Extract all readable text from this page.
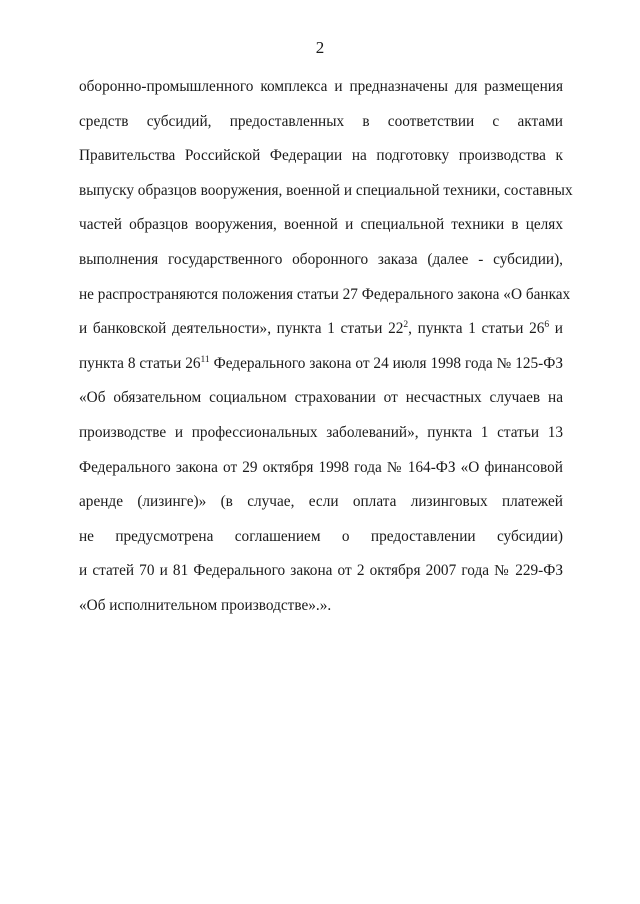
2
оборонно-промышленного комплекса и предназначены для размещения
средств субсидий, предоставленных в соответствии с актами
Правительства Российской Федерации на подготовку производства к
выпуску образцов вооружения, военной и специальной техники, составных
частей образцов вооружения, военной и специальной техники в целях
выполнения государственного оборонного заказа (далее - субсидии),
не распространяются положения статьи 27 Федерального закона «О банках
и банковской деятельности», пункта 1 статьи $22^2$, пункта 1 статьи $26^6$ и
пункта 8 статьи $26^{11}$ Федерального закона от 24 июля 1998 года № 125-ФЗ
«Об обязательном социальном страховании от несчастных случаев на
производстве и профессиональных заболеваний», пункта 1 статьи 13
Федерального закона от 29 октября 1998 года № 164-ФЗ «О финансовой
аренде (лизинге)» (в случае, если оплата лизинговых платежей
не предусмотрена соглашением о предоставлении субсидии)
и статей 70 и 81 Федерального закона от 2 октября 2007 года № 229-ФЗ
«Об исполнительном производстве».».
